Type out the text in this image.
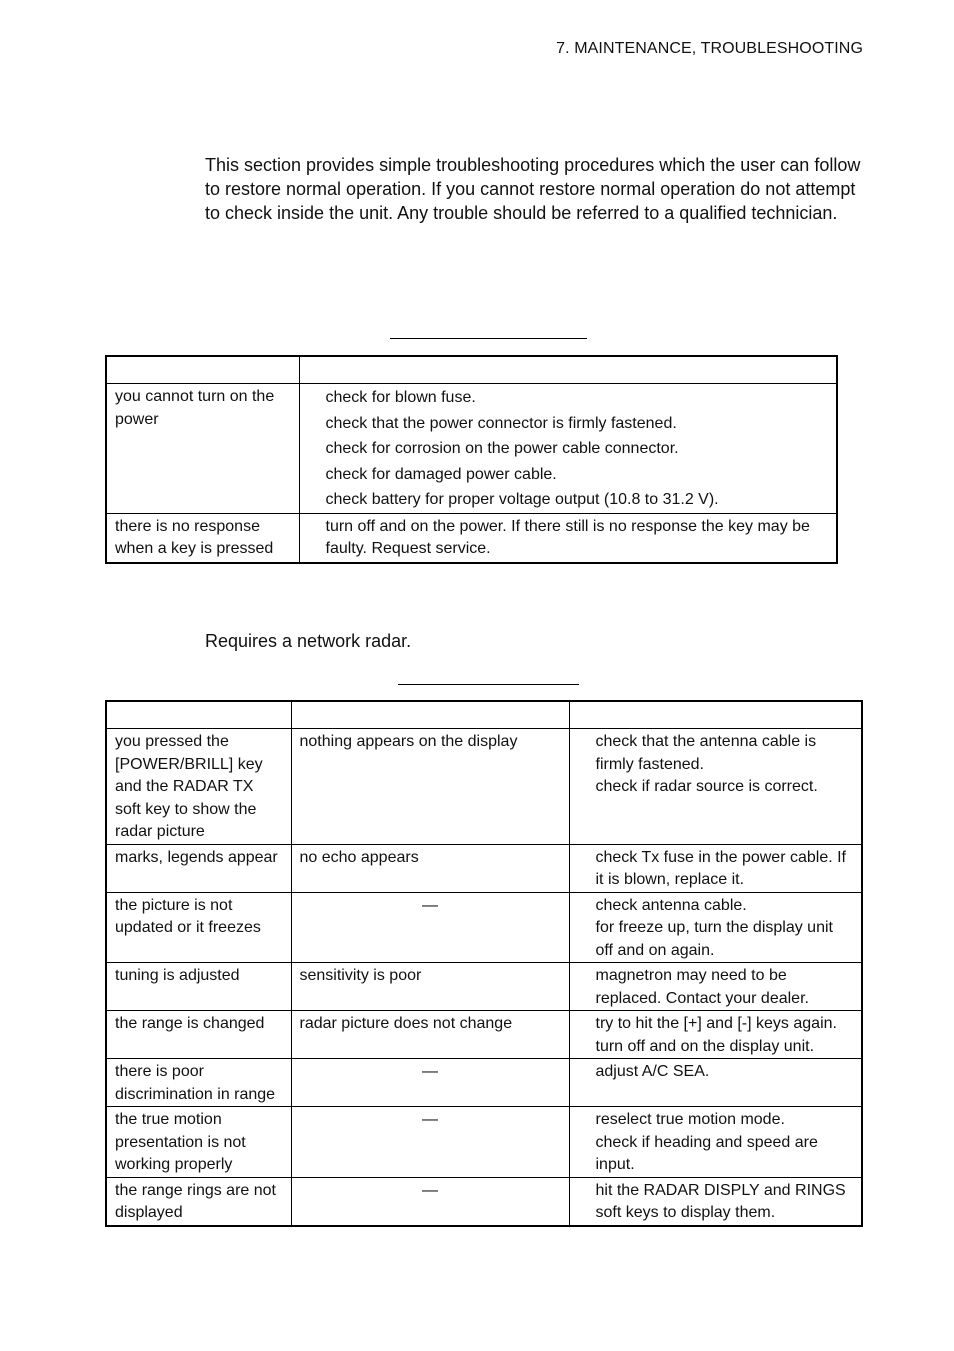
7. MAINTENANCE, TROUBLESHOOTING
This section provides simple troubleshooting procedures which the user can follow to restore normal operation. If you cannot restore normal operation do not attempt to check inside the unit. Any trouble should be referred to a qualified technician.

you cannot turn on the power	check for blown fuse.
check that the power connector is firmly fastened.
check for corrosion on the power cable connector.
check for damaged power cable.
check battery for proper voltage output (10.8 to 31.2 V).

there is no response when a key is pressed	turn off and on the power. If there still is no response the key may be faulty. Request service.
Requires a network radar.

you pressed the [POWER/BRILL] key and the RADAR TX soft key to show the radar picture	nothing appears on the display	check that the antenna cable is firmly fastened.
check if radar source is correct.

marks, legends appear	no echo appears	check Tx fuse in the power cable. If it is blown, replace it.

the picture is not updated or it freezes	—	check antenna cable.
for freeze up, turn the display unit off and on again.

tuning is adjusted	sensitivity is poor	magnetron may need to be replaced. Contact your dealer.

the range is changed	radar picture does not change	try to hit the [+] and [-] keys again.
turn off and on the display unit.

there is poor discrimination in range	—	adjust A/C SEA.

the true motion presentation is not working properly	—	reselect true motion mode.
check if heading and speed are input.

the range rings are not displayed	—	hit the RADAR DISPLY and RINGS soft keys to display them.
